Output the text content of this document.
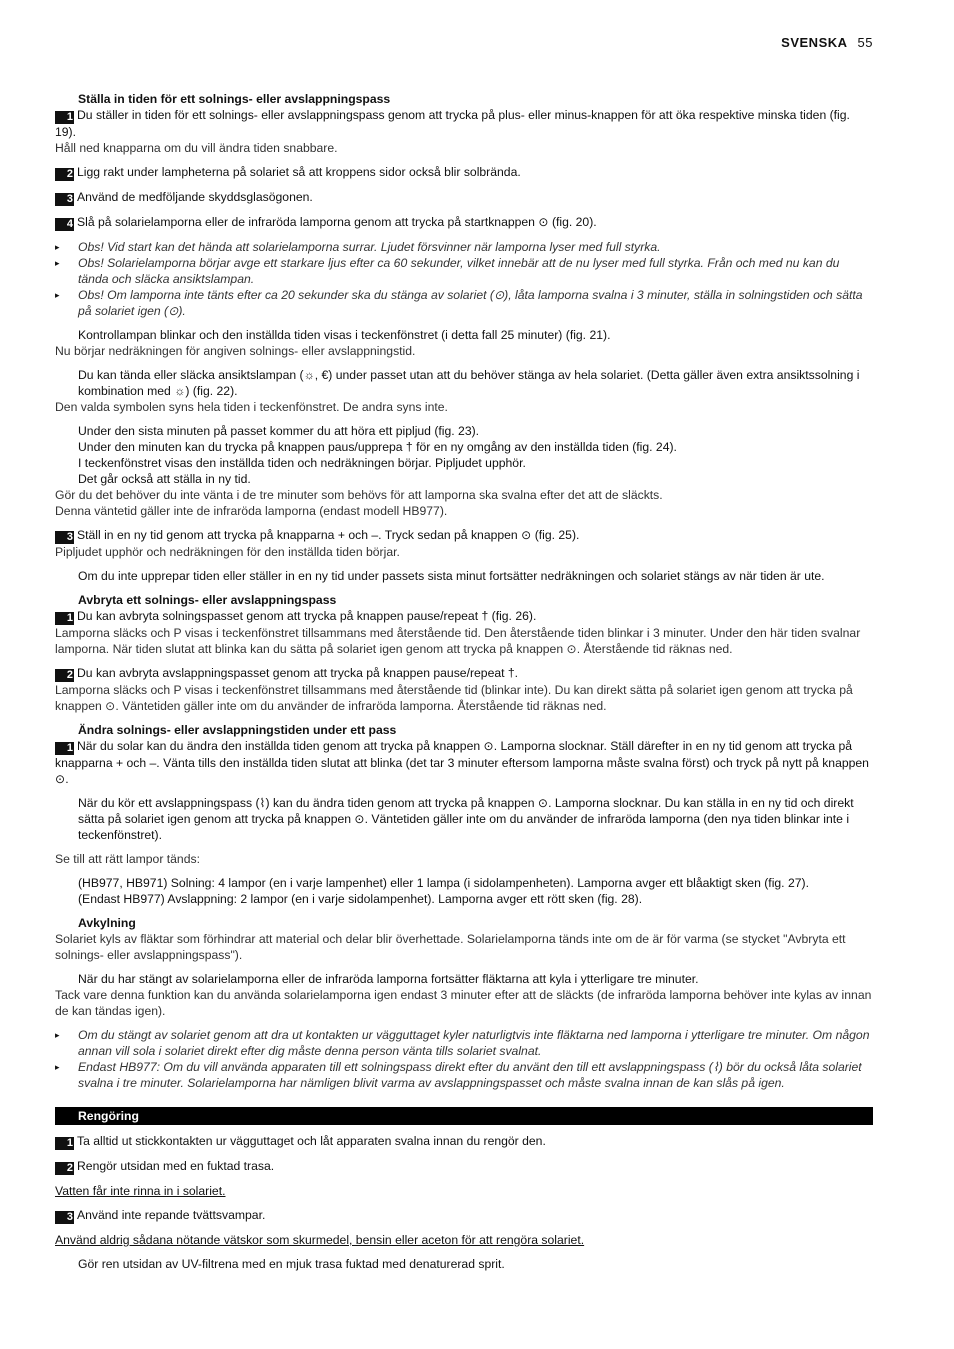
SVENSKA 55
Ställa in tiden för ett solnings- eller avslappningspass
1 Du ställer in tiden för ett solnings- eller avslappningspass genom att trycka på plus- eller minus-knappen för att öka respektive minska tiden (fig. 19).
Håll ned knapparna om du vill ändra tiden snabbare.
2 Ligg rakt under lampheterna på solariet så att kroppens sidor också blir solbrända.
3 Använd de medföljande skyddsglasögonen.
4 Slå på solarielamporna eller de infraröda lamporna genom att trycka på startknappen ⊙ (fig. 20).
▸ Obs! Vid start kan det hända att solarielamporna surrar. Ljudet försvinner när lamporna lyser med full styrka.
▸ Obs! Solarielamporna börjar avge ett starkare ljus efter ca 60 sekunder, vilket innebär att de nu lyser med full styrka. Från och med nu kan du tända och släcka ansiktslampan.
▸ Obs! Om lamporna inte tänts efter ca 20 sekunder ska du stänga av solariet (⊙), låta lamporna svalna i 3 minuter, ställa in solningstiden och sätta på solariet igen (⊙).
Kontrollampan blinkar och den inställda tiden visas i teckenfönstret (i detta fall 25 minuter) (fig. 21).
Nu börjar nedräkningen för angiven solnings- eller avslappningstid.
Du kan tända eller släcka ansiktslampan (☼, €) under passet utan att du behöver stänga av hela solariet. (Detta gäller även extra ansiktssolning i kombination med ☼) (fig. 22).
Den valda symbolen syns hela tiden i teckenfönstret. De andra syns inte.
Under den sista minuten på passet kommer du att höra ett pipljud (fig. 23).
Under den minuten kan du trycka på knappen paus/upprepa † för en ny omgång av den inställda tiden (fig. 24).
I teckenfönstret visas den inställda tiden och nedräkningen börjar. Pipljudet upphör.
Det går också att ställa in ny tid.
Gör du det behöver du inte vänta i de tre minuter som behövs för att lamporna ska svalna efter det att de släckts.
Denna väntetid gäller inte de infraröda lamporna (endast modell HB977).
3 Ställ in en ny tid genom att trycka på knapparna + och –. Tryck sedan på knappen ⊙ (fig. 25).
Pipljudet upphör och nedräkningen för den inställda tiden börjar.
Om du inte upprepar tiden eller ställer in en ny tid under passets sista minut fortsätter nedräkningen och solariet stängs av när tiden är ute.
Avbryta ett solnings- eller avslappningspass
1 Du kan avbryta solningspasset genom att trycka på knappen pause/repeat † (fig. 26).
Lamporna släcks och P visas i teckenfönstret tillsammans med återstående tid. Den återstående tiden blinkar i 3 minuter. Under den här tiden svalnar lamporna. När tiden slutat att blinka kan du sätta på solariet igen genom att trycka på knappen ⊙. Återstående tid räknas ned.
2 Du kan avbryta avslappningspasset genom att trycka på knappen pause/repeat †.
Lamporna släcks och P visas i teckenfönstret tillsammans med återstående tid (blinkar inte). Du kan direkt sätta på solariet igen genom att trycka på knappen ⊙. Väntetiden gäller inte om du använder de infraröda lamporna. Återstående tid räknas ned.
Ändra solnings- eller avslappningstiden under ett pass
1 När du solar kan du ändra den inställda tiden genom att trycka på knappen ⊙. Lamporna slocknar. Ställ därefter in en ny tid genom att trycka på knapparna + och –. Vänta tills den inställda tiden slutat att blinka (det tar 3 minuter eftersom lamporna måste svalna först) och tryck på nytt på knappen ⊙.
När du kör ett avslappningspass (⌇) kan du ändra tiden genom att trycka på knappen ⊙. Lamporna slocknar. Du kan ställa in en ny tid och direkt sätta på solariet igen genom att trycka på knappen ⊙. Väntetiden gäller inte om du använder de infraröda lamporna (den nya tiden blinkar inte i teckenfönstret).
Se till att rätt lampor tänds:
(HB977, HB971) Solning: 4 lampor (en i varje lampenhet) eller 1 lampa (i sidolampenheten). Lamporna avger ett blåaktigt sken (fig. 27).
(Endast HB977) Avslappning: 2 lampor (en i varje sidolampenhet). Lamporna avger ett rött sken (fig. 28).
Avkylning
Solariet kyls av fläktar som förhindrar att material och delar blir överhettade. Solarielamporna tänds inte om de är för varma (se stycket "Avbryta ett solnings- eller avslappningspass").
När du har stängt av solarielamporna eller de infraröda lamporna fortsätter fläktarna att kyla i ytterligare tre minuter.
Tack vare denna funktion kan du använda solarielamporna igen endast 3 minuter efter att de släckts (de infraröda lamporna behöver inte kylas av innan de kan tändas igen).
▸ Om du stängt av solariet genom att dra ut kontakten ur vägguttaget kyler naturligtvis inte fläktarna ned lamporna i ytterligare tre minuter. Om någon annan vill sola i solariet direkt efter dig måste denna person vänta tills solariet svalnat.
▸ Endast HB977: Om du vill använda apparaten till ett solningspass direkt efter du använt den till ett avslappningspass (⌇) bör du också låta solariet svalna i tre minuter. Solarielamporna har nämligen blivit varma av avslappningspasset och måste svalna innan de kan slås på igen.
Rengöring
1 Ta alltid ut stickkontakten ur vägguttaget och låt apparaten svalna innan du rengör den.
2 Rengör utsidan med en fuktad trasa.
Vatten får inte rinna in i solariet.
3 Använd inte repande tvättsvampar.
Använd aldrig sådana nötande vätskor som skurmedel, bensin eller aceton för att rengöra solariet.
Gör ren utsidan av UV-filtrena med en mjuk trasa fuktad med denaturerad sprit.
